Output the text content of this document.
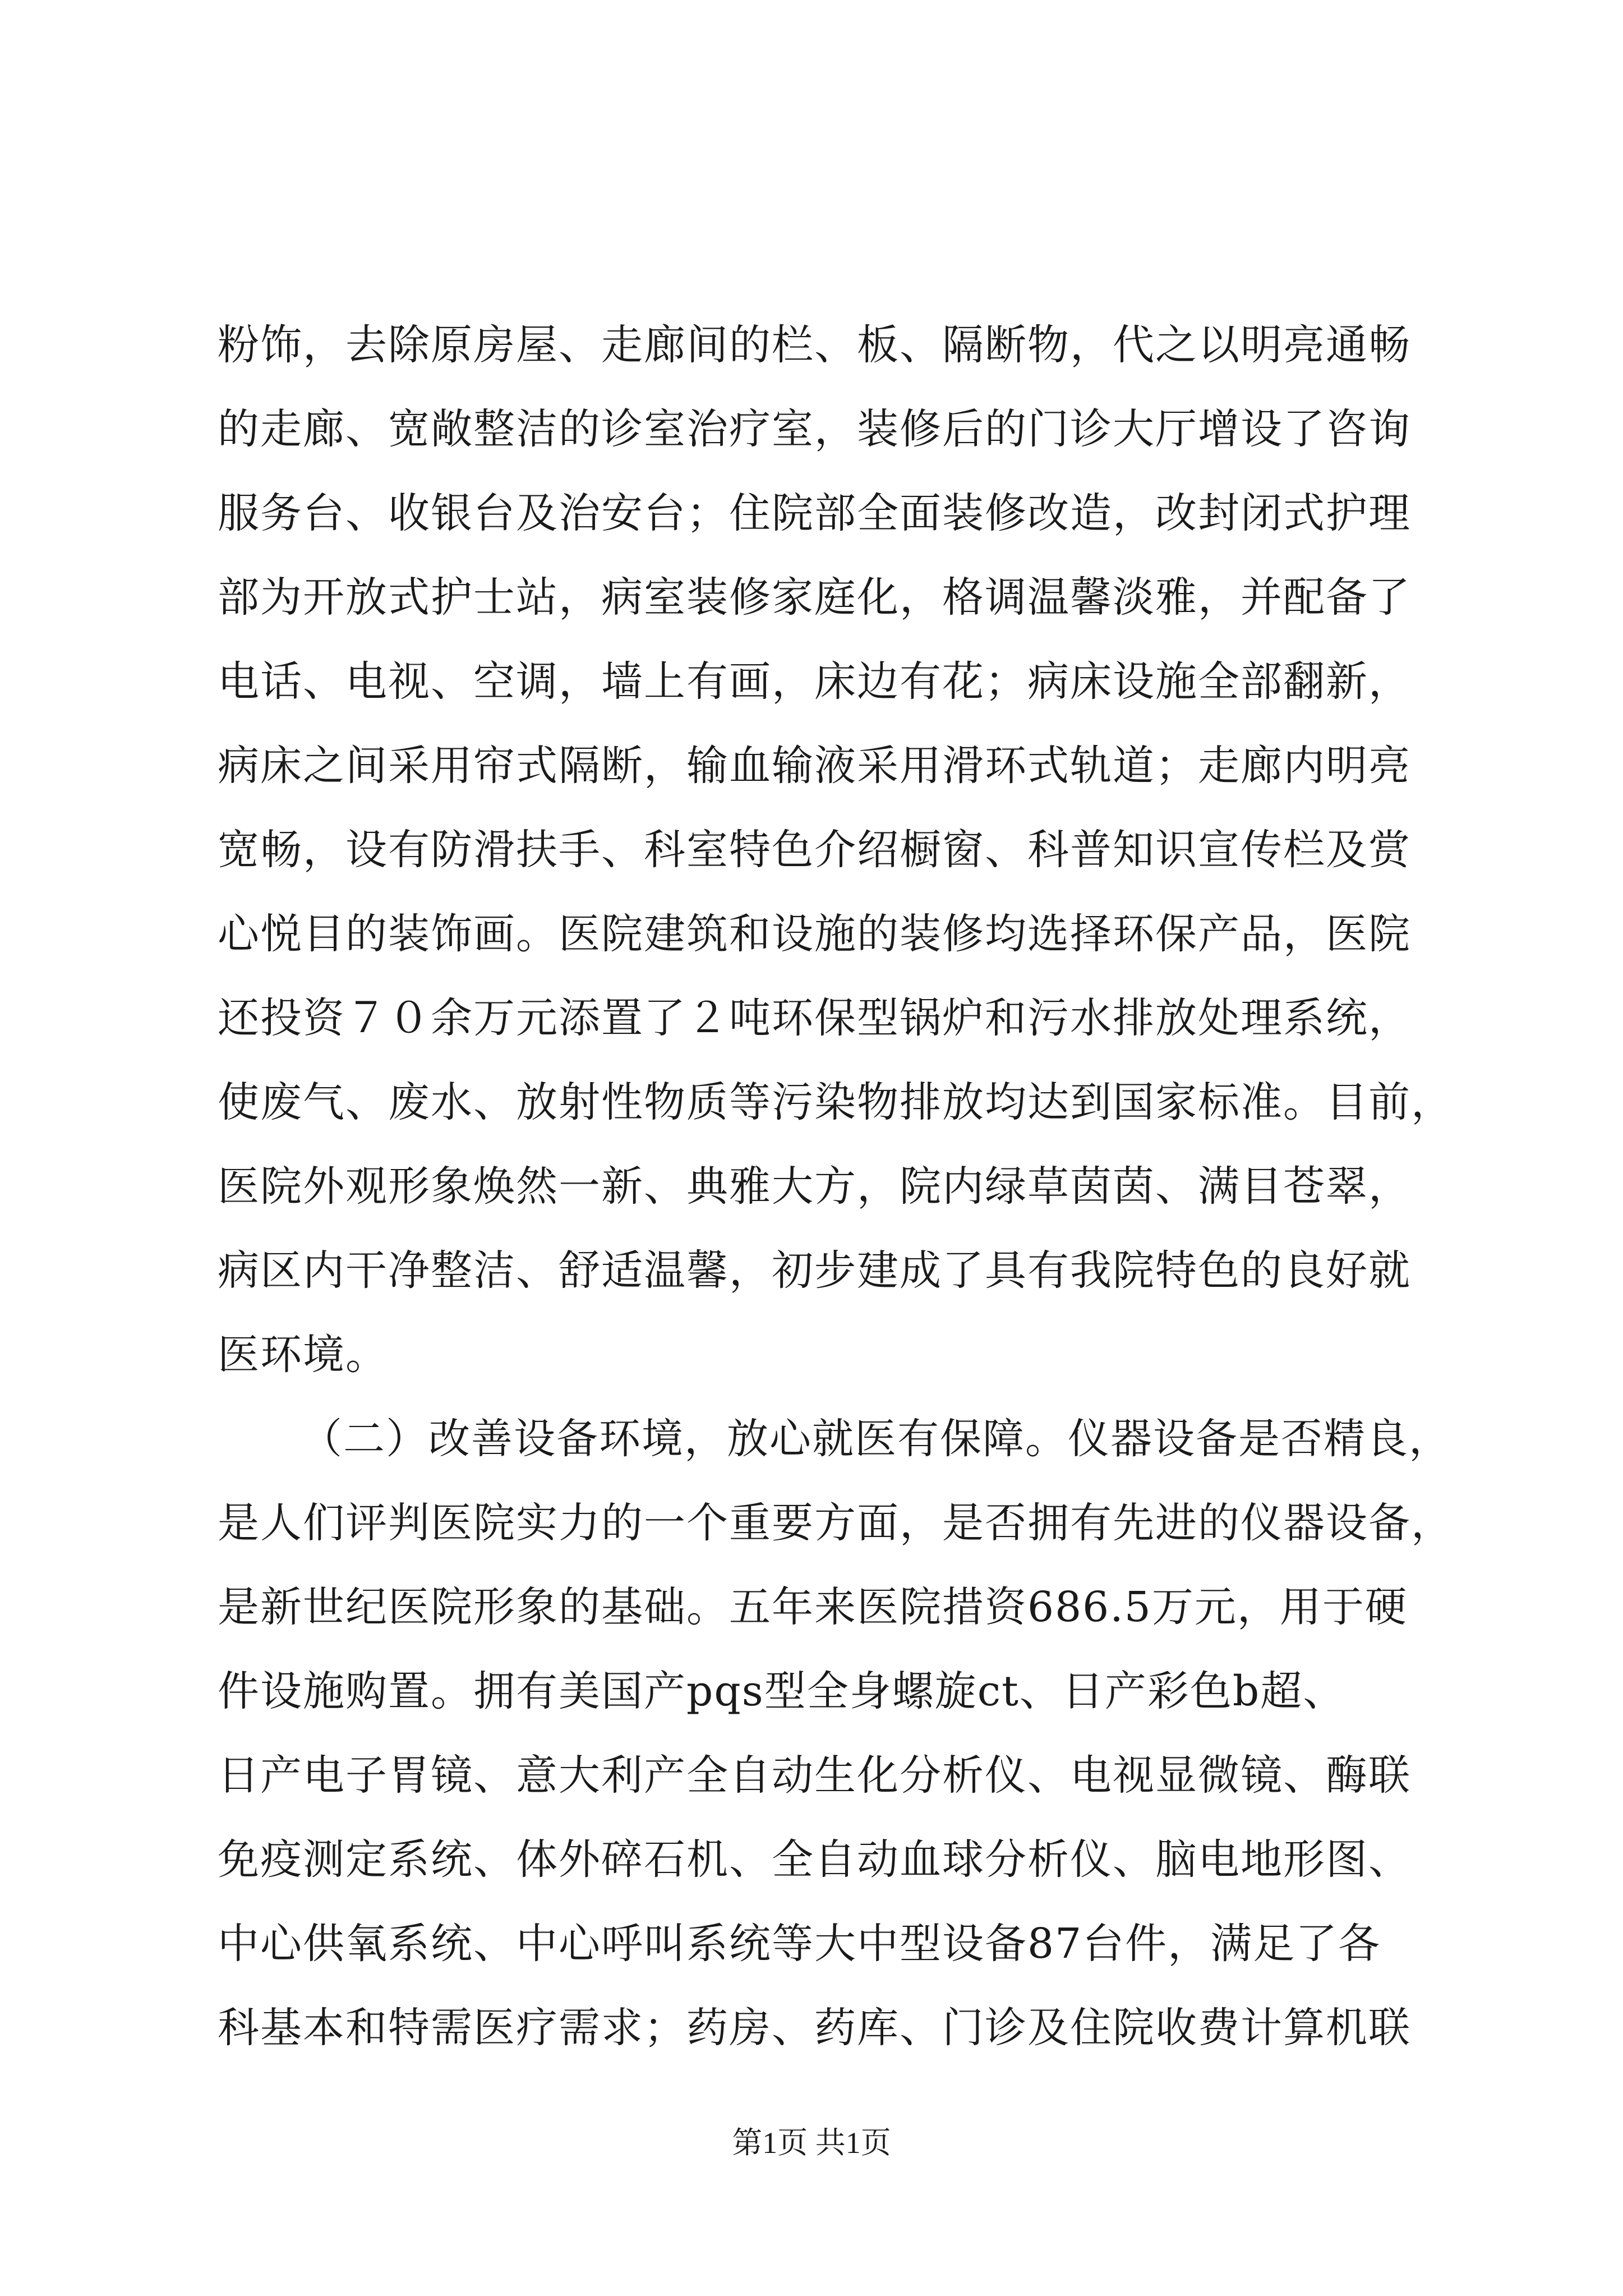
粉饰，去除原房屋、走廊间的栏、板、隔断物，代之以明亮通畅
的走廊、宽敞整洁的诊室治疗室，装修后的门诊大厅增设了咨询
服务台、收银台及治安台；住院部全面装修改造，改封闭式护理
部为开放式护士站，病室装修家庭化，格调温馨淡雅，并配备了
电话、电视、空调，墙上有画，床边有花；病床设施全部翻新，
病床之间采用帘式隔断，输血输液采用滑环式轨道；走廊内明亮
宽畅，设有防滑扶手、科室特色介绍橱窗、科普知识宣传栏及赏
心悦目的装饰画。医院建筑和设施的装修均选择环保产品，医院
还投资７０余万元添置了２吨环保型锅炉和污水排放处理系统，
使废气、废水、放射性物质等污染物排放均达到国家标准。目前，
医院外观形象焕然一新、典雅大方，院内绿草茵茵、满目苍翠，
病区内干净整洁、舒适温馨，初步建成了具有我院特色的良好就
医环境。
（二）改善设备环境，放心就医有保障。仪器设备是否精良，
是人们评判医院实力的一个重要方面，是否拥有先进的仪器设备，
是新世纪医院形象的基础。五年来医院措资686.5万元，用于硬
件设施购置。拥有美国产pqs型全身螺旋ct、日产彩色b超、
日产电子胃镜、意大利产全自动生化分析仪、电视显微镜、酶联
免疫测定系统、体外碎石机、全自动血球分析仪、脑电地形图、
中心供氧系统、中心呼叫系统等大中型设备87台件，满足了各
科基本和特需医疗需求；药房、药库、门诊及住院收费计算机联
第1页 共1页
